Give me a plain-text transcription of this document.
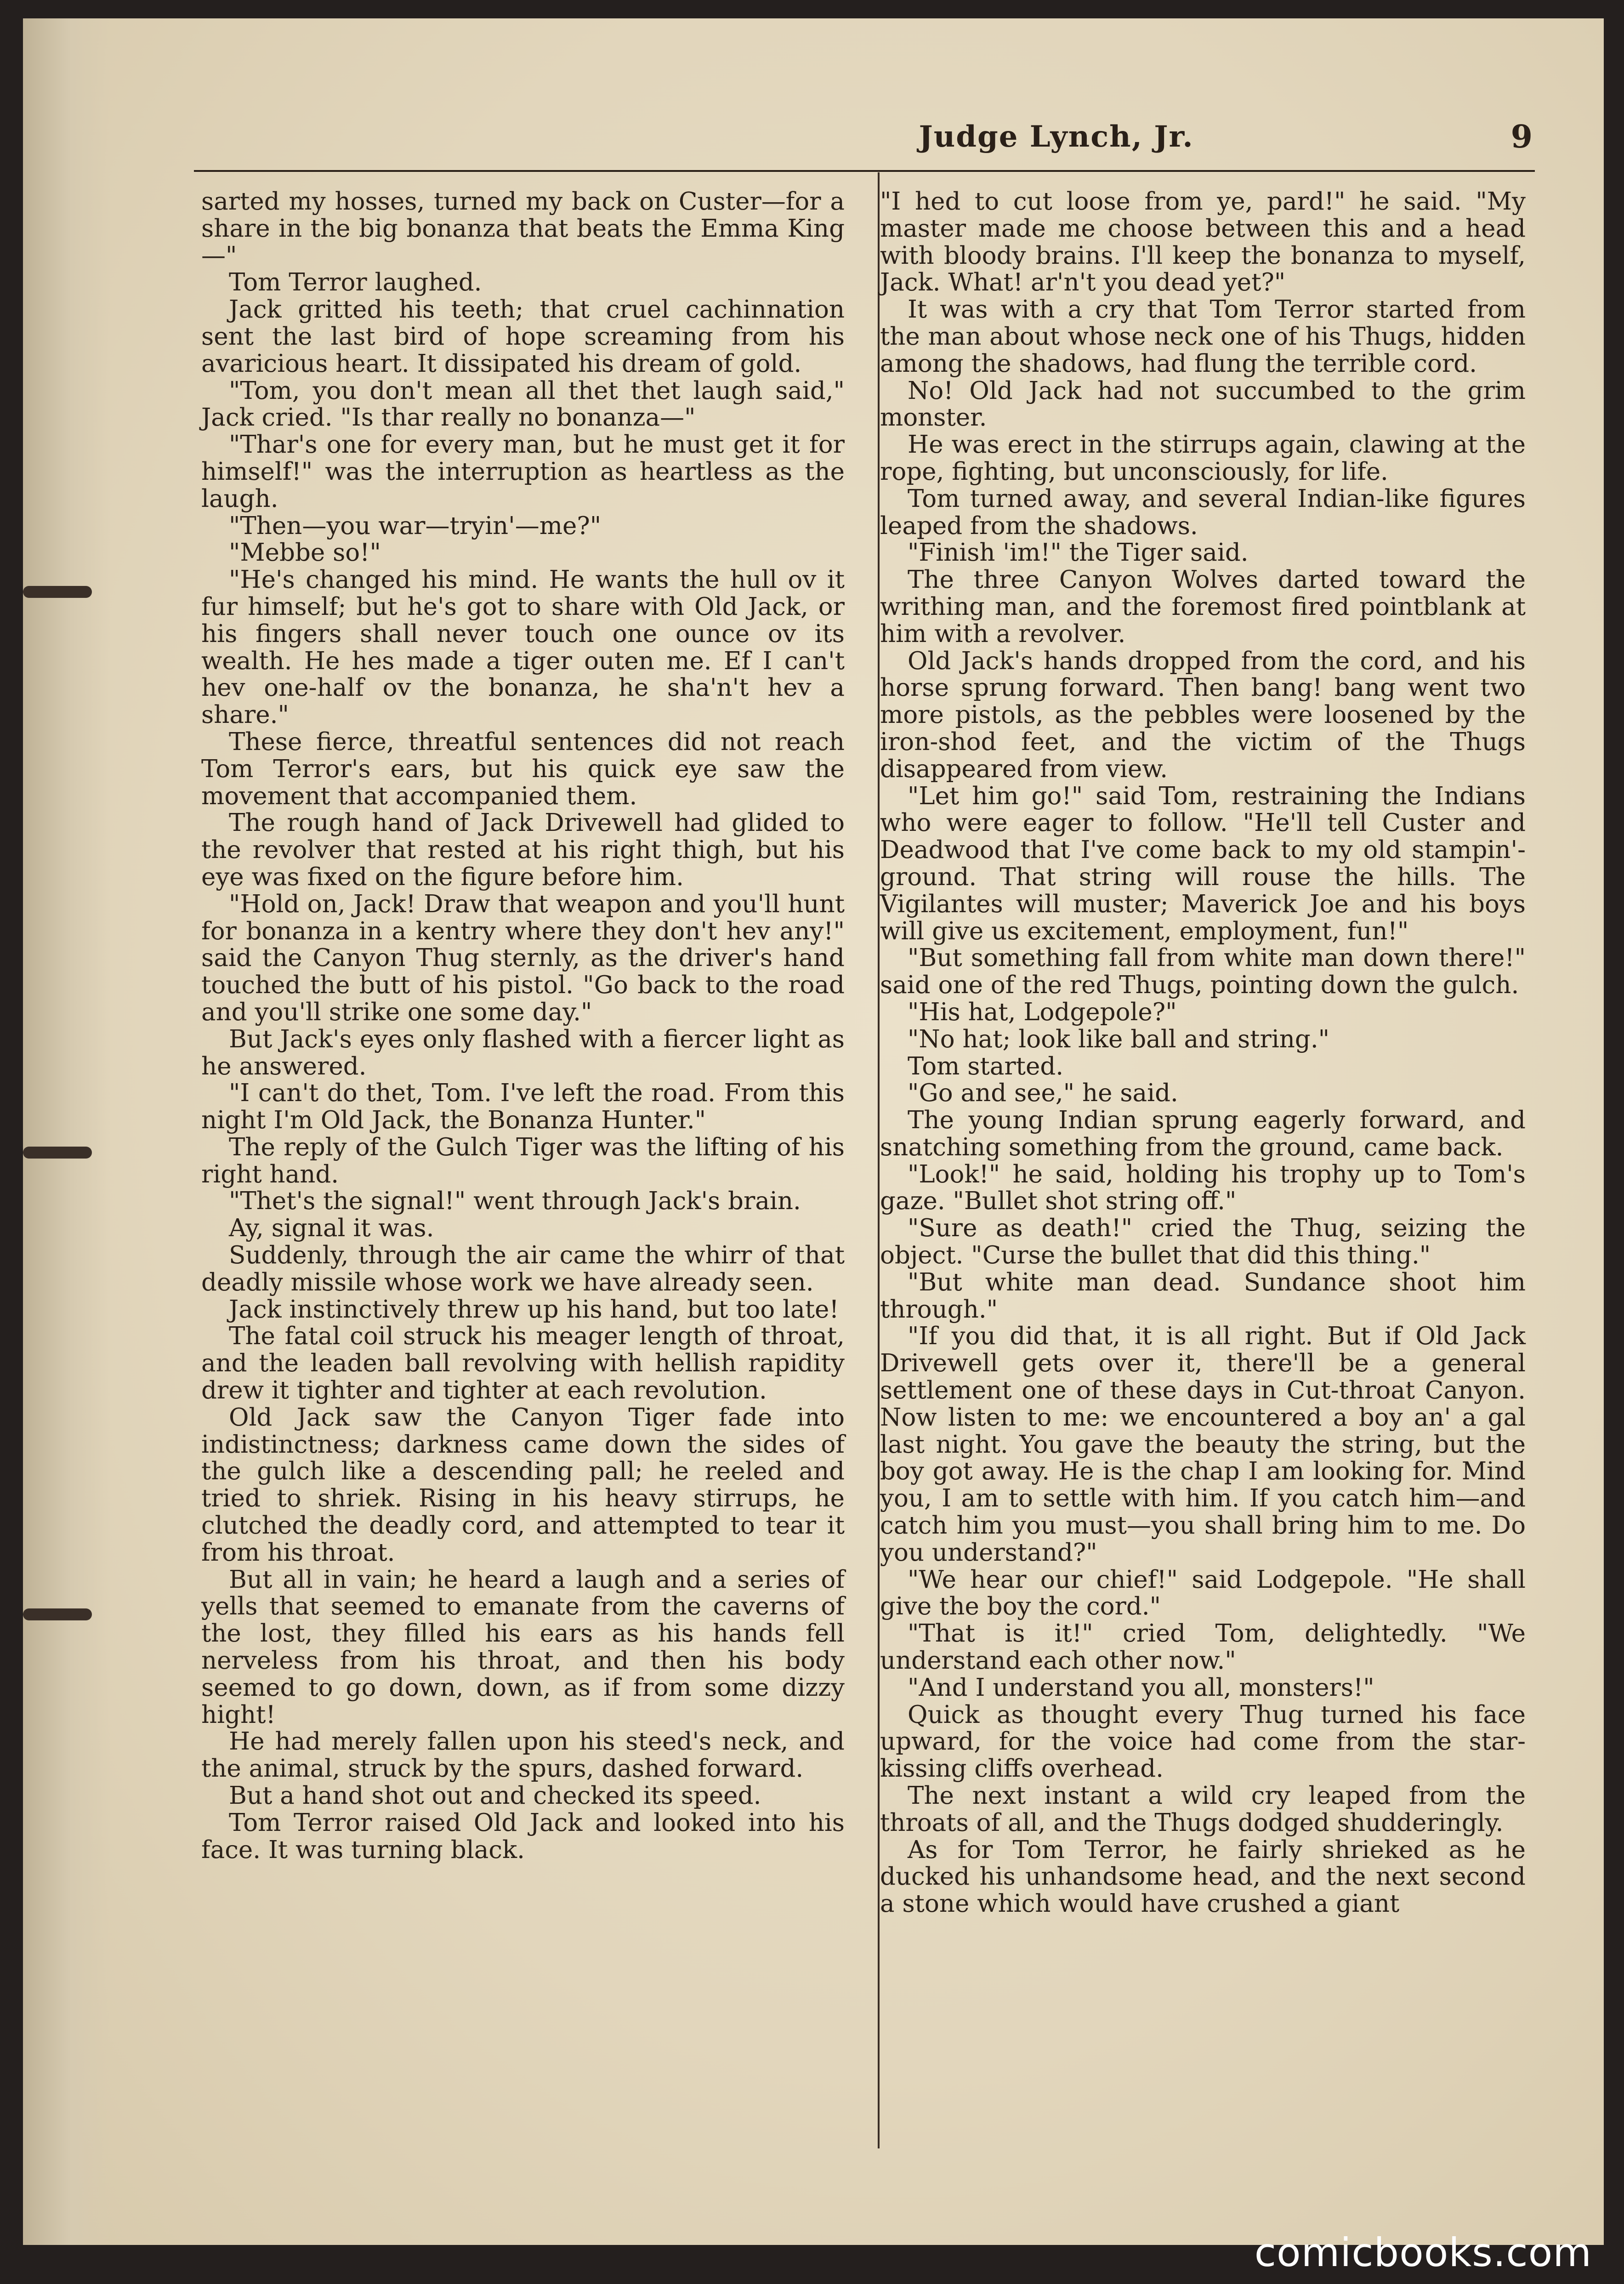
Judge Lynch, Jr.	9

sarted my hosses, turned my back on Custer—for a share in the big bonanza that beats the Emma King—"

Tom Terror laughed.

Jack gritted his teeth; that cruel cachinnation sent the last bird of hope screaming from his avaricious heart. It dissipated his dream of gold.

"Tom, you don't mean all thet thet laugh said," Jack cried. "Is thar really no bonanza—"

"Thar's one for every man, but he must get it for himself!" was the interruption as heartless as the laugh.

"Then—you war—tryin'—me?"

"Mebbe so!"

"He's changed his mind. He wants the hull ov it fur himself; but he's got to share with Old Jack, or his fingers shall never touch one ounce ov its wealth. He hes made a tiger outen me. Ef I can't hev one-half ov the bonanza, he sha'n't hev a share."

These fierce, threatful sentences did not reach Tom Terror's ears, but his quick eye saw the movement that accompanied them.

The rough hand of Jack Drivewell had glided to the revolver that rested at his right thigh, but his eye was fixed on the figure before him.

"Hold on, Jack! Draw that weapon and you'll hunt for bonanza in a kentry where they don't hev any!" said the Canyon Thug sternly, as the driver's hand touched the butt of his pistol. "Go back to the road and you'll strike one some day."

But Jack's eyes only flashed with a fiercer light as he answered.

"I can't do thet, Tom. I've left the road. From this night I'm Old Jack, the Bonanza Hunter."

The reply of the Gulch Tiger was the lifting of his right hand.

"Thet's the signal!" went through Jack's brain.

Ay, signal it was.

Suddenly, through the air came the whirr of that deadly missile whose work we have already seen.

Jack instinctively threw up his hand, but too late!

The fatal coil struck his meager length of throat, and the leaden ball revolving with hellish rapidity drew it tighter and tighter at each revolution.

Old Jack saw the Canyon Tiger fade into indistinctness; darkness came down the sides of the gulch like a descending pall; he reeled and tried to shriek. Rising in his heavy stirrups, he clutched the deadly cord, and attempted to tear it from his throat.

But all in vain; he heard a laugh and a series of yells that seemed to emanate from the caverns of the lost, they filled his ears as his hands fell nerveless from his throat, and then his body seemed to go down, down, as if from some dizzy hight!

He had merely fallen upon his steed's neck, and the animal, struck by the spurs, dashed forward.

But a hand shot out and checked its speed.

Tom Terror raised Old Jack and looked into his face. It was turning black.

"I hed to cut loose from ye, pard!" he said. "My master made me choose between this and a head with bloody brains. I'll keep the bonanza to myself, Jack. What! ar'n't you dead yet?"

It was with a cry that Tom Terror started from the man about whose neck one of his Thugs, hidden among the shadows, had flung the terrible cord.

No! Old Jack had not succumbed to the grim monster.

He was erect in the stirrups again, clawing at the rope, fighting, but unconsciously, for life.

Tom turned away, and several Indian-like figures leaped from the shadows.

"Finish 'im!" the Tiger said.

The three Canyon Wolves darted toward the writhing man, and the foremost fired pointblank at him with a revolver.

Old Jack's hands dropped from the cord, and his horse sprung forward. Then bang! bang went two more pistols, as the pebbles were loosened by the iron-shod feet, and the victim of the Thugs disappeared from view.

"Let him go!" said Tom, restraining the Indians who were eager to follow. "He'll tell Custer and Deadwood that I've come back to my old stampin'-ground. That string will rouse the hills. The Vigilantes will muster; Maverick Joe and his boys will give us excitement, employment, fun!"

"But something fall from white man down there!" said one of the red Thugs, pointing down the gulch.

"His hat, Lodgepole?"

"No hat; look like ball and string."

Tom started.

"Go and see," he said.

The young Indian sprung eagerly forward, and snatching something from the ground, came back.

"Look!" he said, holding his trophy up to Tom's gaze. "Bullet shot string off."

"Sure as death!" cried the Thug, seizing the object. "Curse the bullet that did this thing."

"But white man dead. Sundance shoot him through."

"If you did that, it is all right. But if Old Jack Drivewell gets over it, there'll be a general settlement one of these days in Cut-throat Canyon. Now listen to me: we encountered a boy an' a gal last night. You gave the beauty the string, but the boy got away. He is the chap I am looking for. Mind you, I am to settle with him. If you catch him—and catch him you must—you shall bring him to me. Do you understand?"

"We hear our chief!" said Lodgepole. "He shall give the boy the cord."

"That is it!" cried Tom, delightedly. "We understand each other now."

"And I understand you all, monsters!"

Quick as thought every Thug turned his face upward, for the voice had come from the star-kissing cliffs overhead.

The next instant a wild cry leaped from the throats of all, and the Thugs dodged shudderingly.

As for Tom Terror, he fairly shrieked as he ducked his unhandsome head, and the next second a stone which would have crushed a giant

comicbooks.com
